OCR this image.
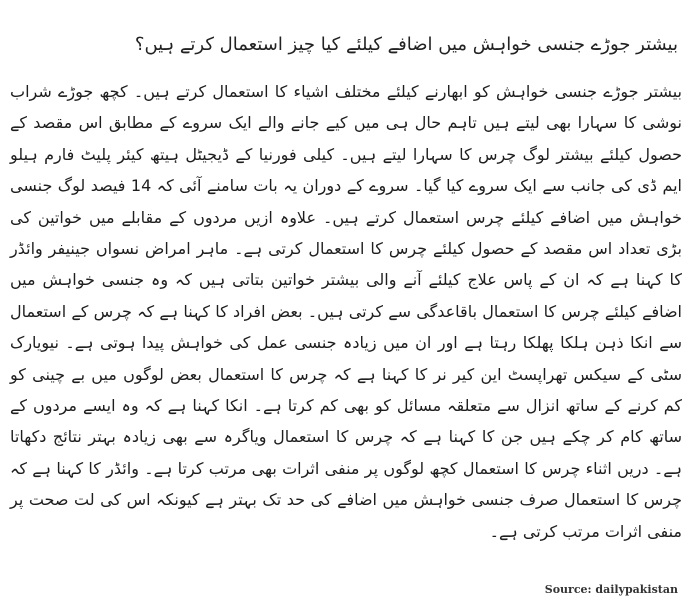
بیشتر جوڑے جنسی خواہش میں اضافے کیلئے کیا چیز استعمال کرتے ہیں؟

بیشتر جوڑے جنسی خواہش کو ابھارنے کیلئے مختلف اشیاء کا استعمال کرتے ہیں۔ کچھ جوڑے شراب نوشی کا سہارا بھی لیتے ہیں تاہم حال ہی میں کیے جانے والے ایک سروے کے مطابق اس مقصد کے حصول کیلئے بیشتر لوگ چرس کا سہارا لیتے ہیں۔ کیلی فورنیا کے ڈیجیٹل ہیتھ کیئر پلیٹ فارم ہیلو ایم ڈی کی جانب سے ایک سروے کیا گیا۔ سروے کے دوران یہ بات سامنے آئی کہ 14 فیصد لوگ جنسی خواہش میں اضافے کیلئے چرس استعمال کرتے ہیں۔ علاوہ ازیں مردوں کے مقابلے میں خواتین کی بڑی تعداد اس مقصد کے حصول کیلئے چرس کا استعمال کرتی ہے۔ ماہر امراض نسواں جینیفر وائڈر کا کہنا ہے کہ ان کے پاس علاج کیلئے آنے والی بیشتر خواتین بتاتی ہیں کہ وہ جنسی خواہش میں اضافے کیلئے چرس کا استعمال باقاعدگی سے کرتی ہیں۔ بعض افراد کا کہنا ہے کہ چرس کے استعمال سے انکا ذہن ہلکا پھلکا رہتا ہے اور ان میں زیادہ جنسی عمل کی خواہش پیدا ہوتی ہے۔ نیویارک سٹی کے سیکس تھراپسٹ این کیر نر کا کہنا ہے کہ چرس کا استعمال بعض لوگوں میں بے چینی کو کم کرنے کے ساتھ انزال سے متعلقہ مسائل کو بھی کم کرتا ہے۔ انکا کہنا ہے کہ وہ ایسے مردوں کے ساتھ کام کر چکے ہیں جن کا کہنا ہے کہ چرس کا استعمال ویاگرہ سے بھی زیادہ بہتر نتائج دکھاتا ہے۔ دریں اثناء چرس کا استعمال کچھ لوگوں پر منفی اثرات بھی مرتب کرتا ہے۔ وائڈر کا کہنا ہے کہ چرس کا استعمال صرف جنسی خواہش میں اضافے کی حد تک بہتر ہے کیونکہ اس کی لت صحت پر منفی اثرات مرتب کرتی ہے۔

Source: dailypakistan
